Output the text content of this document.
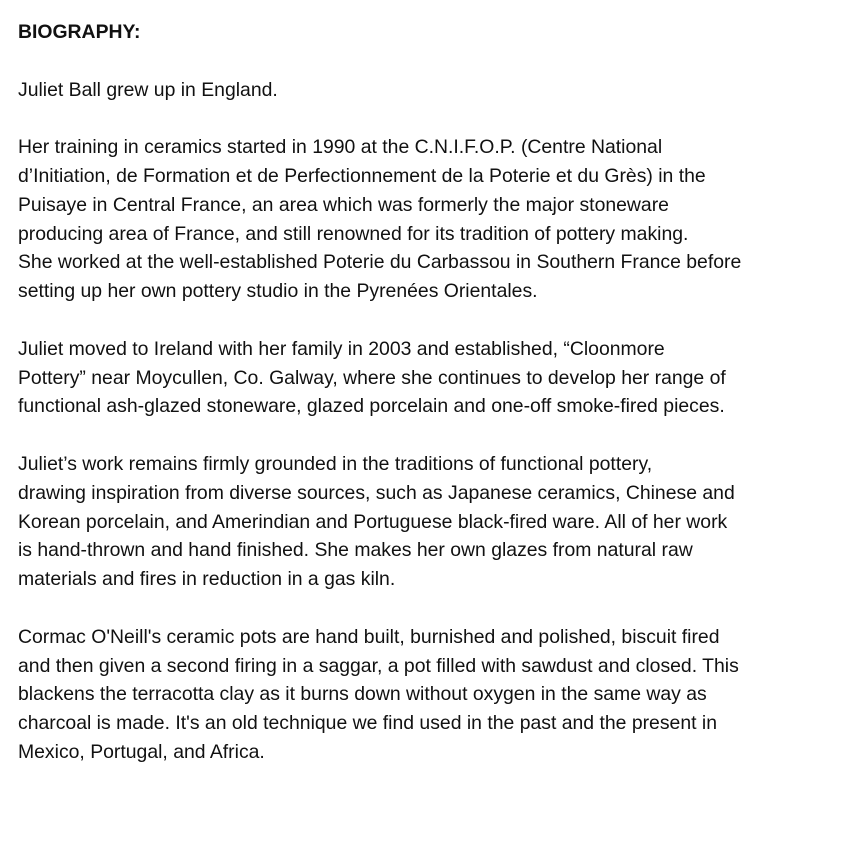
BIOGRAPHY:
Juliet Ball grew up in England.
Her training in ceramics started in 1990 at the C.N.I.F.O.P. (Centre National
d’Initiation, de Formation et de Perfectionnement de la Poterie et du Grès) in the
Puisaye in Central France, an area which was formerly the major stoneware
producing area of France, and still renowned for its tradition of pottery making.
She worked at the well-established Poterie du Carbassou in Southern France before
setting up her own pottery studio in the Pyrenées Orientales.
Juliet moved to Ireland with her family in 2003 and established, “Cloonmore
Pottery” near Moycullen, Co. Galway, where she continues to develop her range of
functional ash-glazed stoneware, glazed porcelain and one-off smoke-fired pieces.
Juliet’s work remains firmly grounded in the traditions of functional pottery,
drawing inspiration from diverse sources, such as Japanese ceramics, Chinese and
Korean porcelain, and Amerindian and Portuguese black-fired ware. All of her work
is hand-thrown and hand finished. She makes her own glazes from natural raw
materials and fires in reduction in a gas kiln.
Cormac O'Neill's ceramic pots are hand built, burnished and polished, biscuit fired
and then given a second firing in a saggar, a pot filled with sawdust and closed. This
blackens the terracotta clay as it burns down without oxygen in the same way as
charcoal is made. It's an old technique we find used in the past and the present in
Mexico, Portugal, and Africa.
